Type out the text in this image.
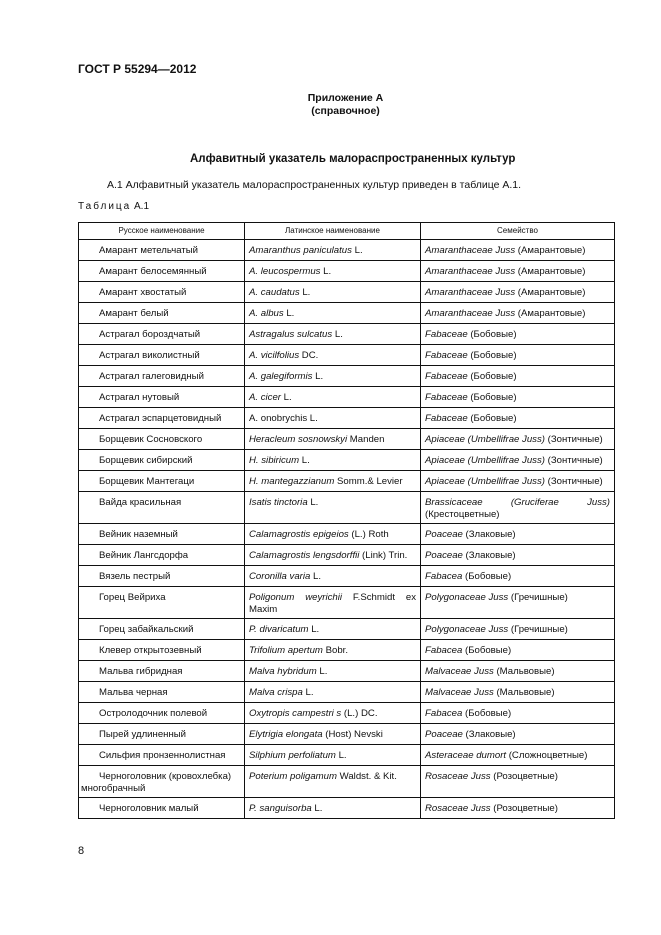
ГОСТ Р 55294—2012
Приложение А
(справочное)
Алфавитный указатель малораспространенных культур
А.1 Алфавитный указатель малораспространенных культур приведен в таблице А.1.
Таблица А.1
Русское наименование	Латинское наименование	Семейство
Амарант метельчатый	Amaranthus paniculatus L.	Amaranthaceae Juss (Амарантовые)
Амарант белосемянный	A. leucospermus L.	Amaranthaceae Juss (Амарантовые)
Амарант хвостатый	A. caudatus L.	Amaranthaceae Juss (Амарантовые)
Амарант белый	A. albus L.	Amaranthaceae Juss (Амарантовые)
Астрагал бороздчатый	Astragalus sulcatus L.	Fabaceae (Бобовые)
Астрагал виколистный	A. vicilfolius DC.	Fabaceae (Бобовые)
Астрагал галеговидный	A. galegiformis L.	Fabaceae (Бобовые)
Астрагал нутовый	A. cicer L.	Fabaceae (Бобовые)
Астрагал эспарцетовидный	A. onobrychis L.	Fabaceae (Бобовые)
Борщевик Сосновского	Heracleum sosnowskyi Manden	Apiaceae (Umbellifrae Juss) (Зонтичные)
Борщевик сибирский	H. sibiricum L.	Apiaceae (Umbellifrae Juss) (Зонтичные)
Борщевик Мантегаци	H. mantegazzianum Somm.& Levier	Apiaceae (Umbellifrae Juss) (Зонтичные)
Вайда красильная	Isatis tinctoria L.	Brassicaceae (Gruciferae Juss) (Крестоцветные)
Вейник наземный	Calamagrostis epigeios (L.) Roth	Poaceae (Злаковые)
Вейник Лангсдорфа	Calamagrostis lengsdorffii (Link) Trin.	Poaceae (Злаковые)
Вязель пестрый	Coronilla varia L.	Fabacea (Бобовые)
Горец Вейриха	Poligonum weyrichii F.Schmidt ex Maxim	Polygonaceae Juss (Гречишные)
Горец забайкальский	P. divaricatum L.	Polygonaceae Juss (Гречишные)
Клевер открытозевный	Trifolium apertum Bobr.	Fabacea (Бобовые)
Мальва гибридная	Malva hybridum L.	Malvaceae Juss (Мальвовые)
Мальва черная	Malva crispa L.	Malvaceae Juss (Мальвовые)
Остролодочник полевой	Oxytropis campestri s (L.) DC.	Fabacea (Бобовые)
Пырей удлиненный	Elytrigia elongata (Host) Nevski	Poaceae (Злаковые)
Сильфия пронзеннолистная	Silphium perfoliatum L.	Asteraceae dumort (Сложноцветные)

Черноголовник (кровохлебка)
многобрачный	Poterium poligamum Waldst. & Kit.	Rosaceae Juss (Розоцветные)
Черноголовник малый	P. sanguisorba L.	Rosaceae Juss (Розоцветные)
8
